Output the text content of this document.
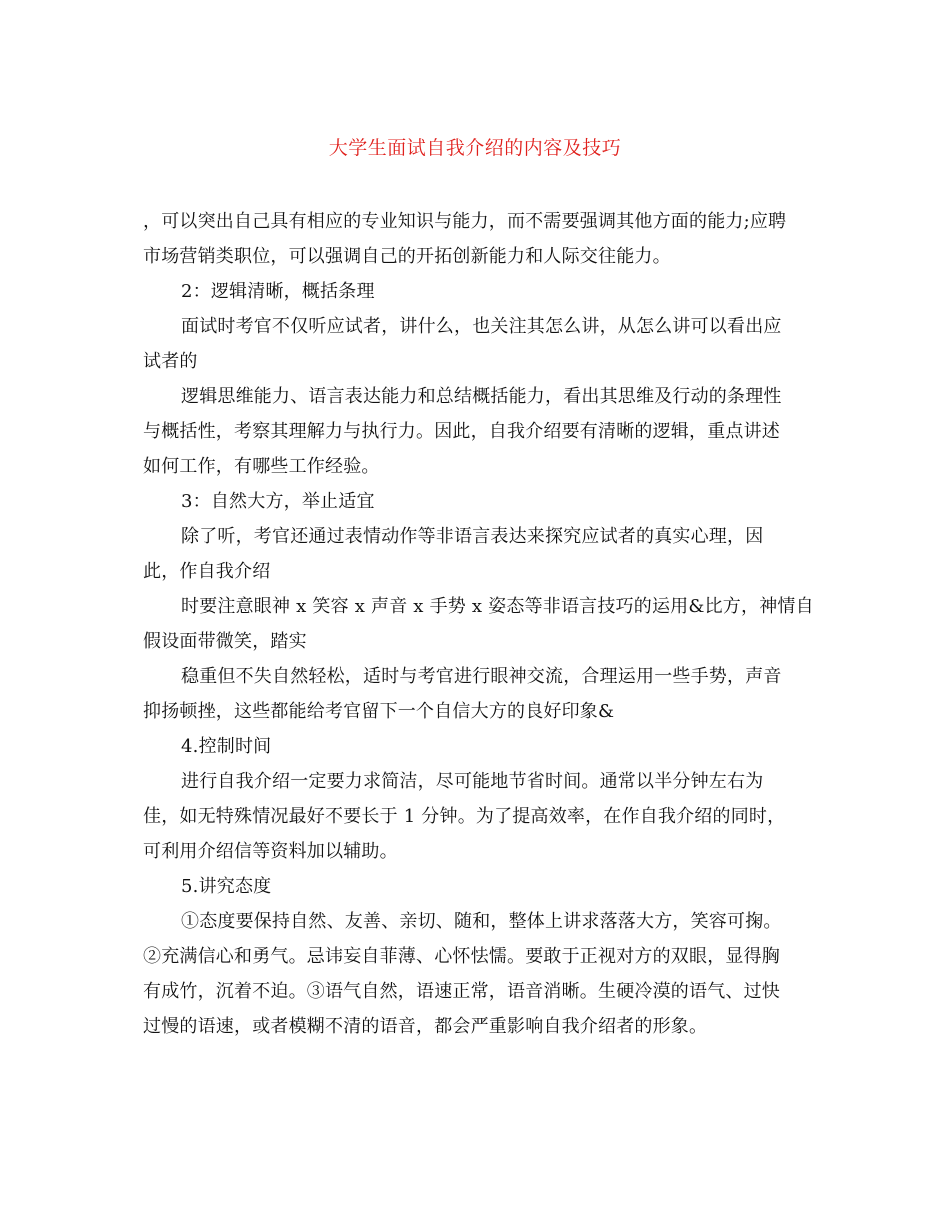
大学生面试自我介绍的内容及技巧

，可以突出自己具有相应的专业知识与能力，而不需要强调其他方面的能力;应聘

市场营销类职位，可以强调自己的开拓创新能力和人际交往能力。

2：逻辑清晰，概括条理

面试时考官不仅听应试者，讲什么，也关注其怎么讲，从怎么讲可以看出应

试者的

逻辑思维能力、语言表达能力和总结概括能力，看出其思维及行动的条理性

与概括性，考察其理解力与执行力。因此，自我介绍要有清晰的逻辑，重点讲述

如何工作，有哪些工作经验。

3：自然大方，举止适宜

除了听，考官还通过表情动作等非语言表达来探究应试者的真实心理，因

此，作自我介绍

时要注意眼神 x 笑容 x 声音 x 手势 x 姿态等非语言技巧的运用&比方，神情自

假设面带微笑，踏实

稳重但不失自然轻松，适时与考官进行眼神交流，合理运用一些手势，声音

抑扬顿挫，这些都能给考官留下一个自信大方的良好印象&

4.控制时间

进行自我介绍一定要力求简洁，尽可能地节省时间。通常以半分钟左右为

佳，如无特殊情况最好不要长于 1 分钟。为了提高效率，在作自我介绍的同时，

可利用介绍信等资料加以辅助。

5.讲究态度

①态度要保持自然、友善、亲切、随和，整体上讲求落落大方，笑容可掬。

②充满信心和勇气。忌讳妄自菲薄、心怀怯懦。要敢于正视对方的双眼，显得胸

有成竹，沉着不迫。③语气自然，语速正常，语音消晰。生硬冷漠的语气、过快

过慢的语速，或者模糊不清的语音，都会严重影响自我介绍者的形象。
